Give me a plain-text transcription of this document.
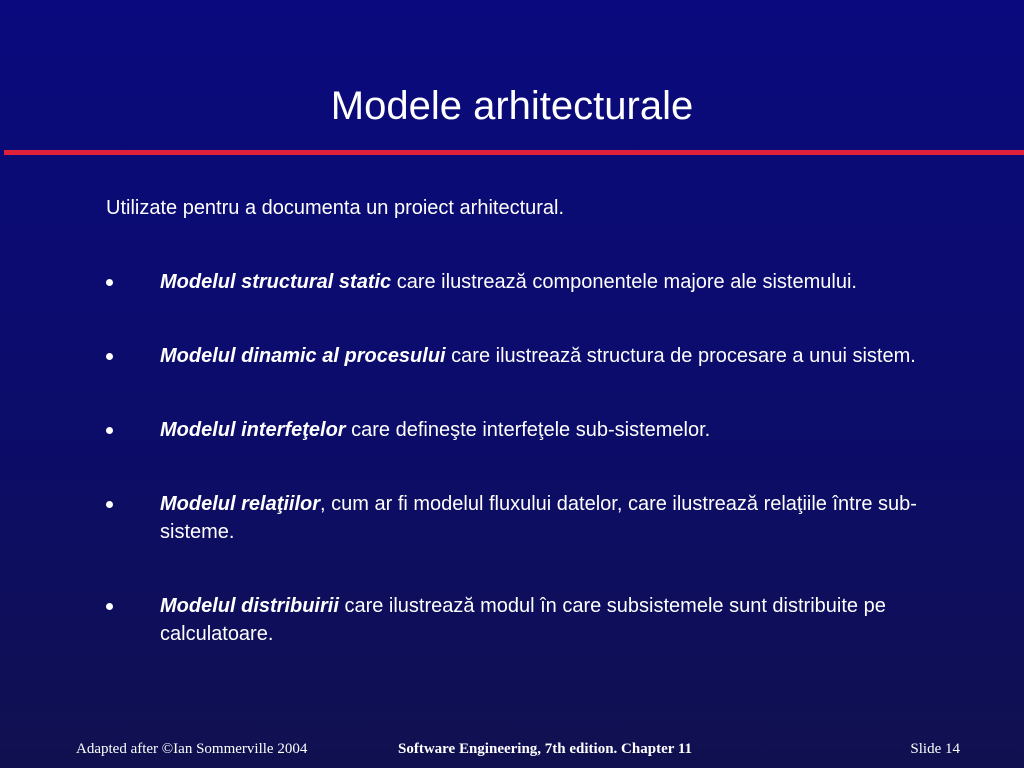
Modele arhitecturale

Utilizate pentru a documenta un proiect arhitectural.

Modelul structural static care ilustrează componentele majore ale sistemului.
Modelul dinamic al procesului care ilustrează structura de procesare a unui sistem.
Modelul interfeţelor care defineşte interfeţele sub-sistemelor.
Modelul relaţiilor, cum ar fi modelul fluxului datelor, care ilustrează relaţiile între sub-sisteme.
Modelul distribuirii care ilustrează modul în care subsistemele sunt distribuite pe calculatoare.
Adapted after ©Ian Sommerville 2004	Software Engineering, 7th edition. Chapter 11	Slide 14
